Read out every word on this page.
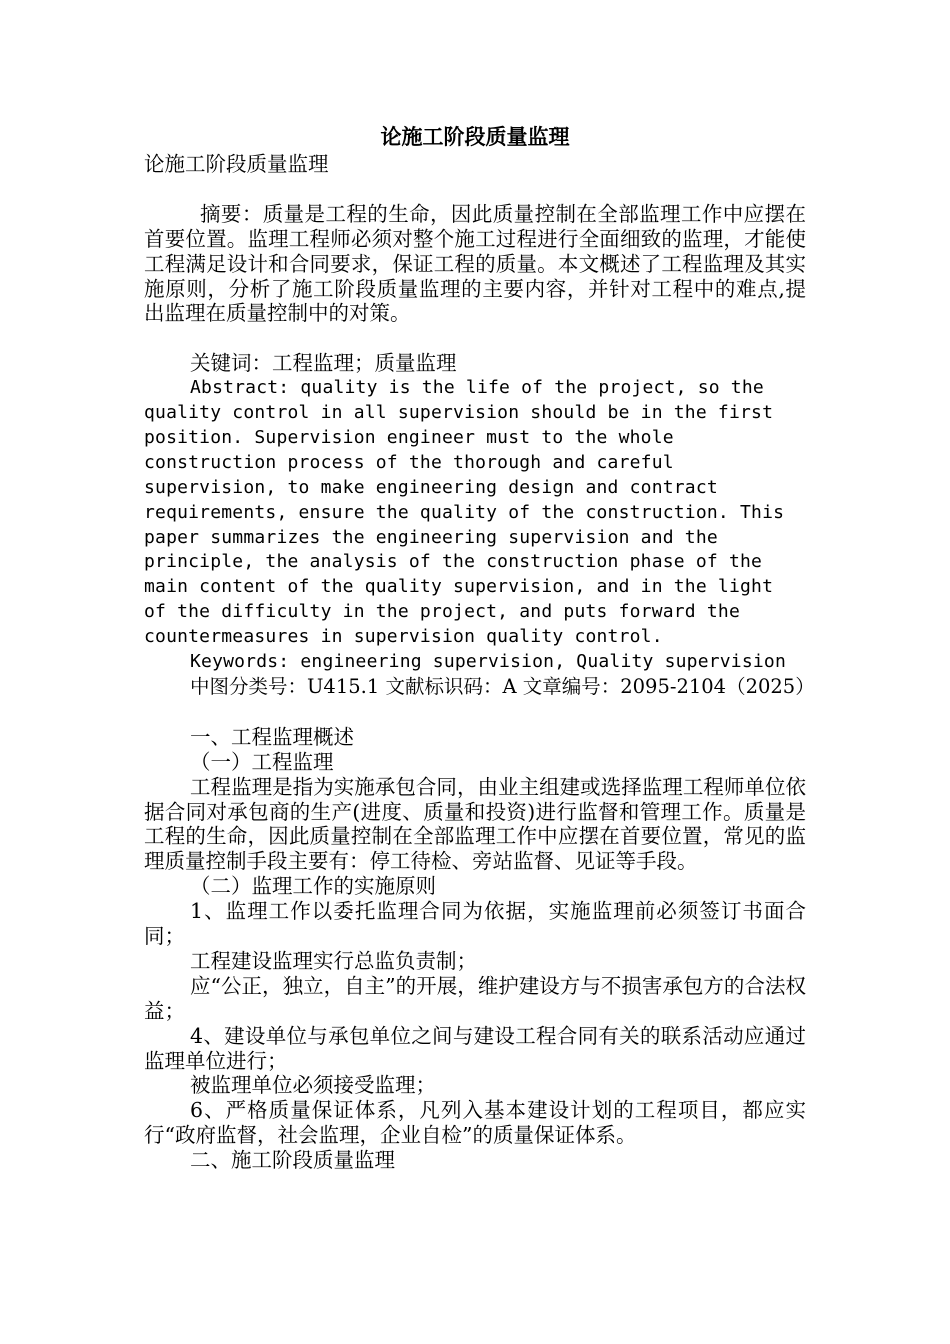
论施工阶段质量监理

论施工阶段质量监理

摘要：质量是工程的生命，因此质量控制在全部监理工作中应摆在首要位置。监理工程师必须对整个施工过程进行全面细致的监理，才能使工程满足设计和合同要求，保证工程的质量。本文概述了工程监理及其实施原则，分析了施工阶段质量监理的主要内容，并针对工程中的难点,提出监理在质量控制中的对策。

关键词：工程监理；质量监理

Abstract: quality is the life of the project, so the quality control in all supervision should be in the first position. Supervision engineer must to the whole construction process of the thorough and careful supervision, to make engineering design and contract requirements, ensure the quality of the construction. This paper summarizes the engineering supervision and the principle, the analysis of the construction phase of the main content of the quality supervision, and in the light of the difficulty in the project, and puts forward the countermeasures in supervision quality control.

Keywords: engineering supervision, Quality supervision

中图分类号：U415.1 文献标识码：A 文章编号：2095-2104（2025）

一、工程监理概述

（一）工程监理

工程监理是指为实施承包合同，由业主组建或选择监理工程师单位依据合同对承包商的生产(进度、质量和投资)进行监督和管理工作。质量是工程的生命，因此质量控制在全部监理工作中应摆在首要位置，常见的监理质量控制手段主要有：停工待检、旁站监督、见证等手段。

（二）监理工作的实施原则

1、监理工作以委托监理合同为依据，实施监理前必须签订书面合同；

工程建设监理实行总监负责制；

应“公正，独立，自主”的开展，维护建设方与不损害承包方的合法权益；

4、建设单位与承包单位之间与建设工程合同有关的联系活动应通过监理单位进行；

被监理单位必须接受监理；

6、严格质量保证体系，凡列入基本建设计划的工程项目，都应实行“政府监督，社会监理，企业自检”的质量保证体系。

二、施工阶段质量监理
